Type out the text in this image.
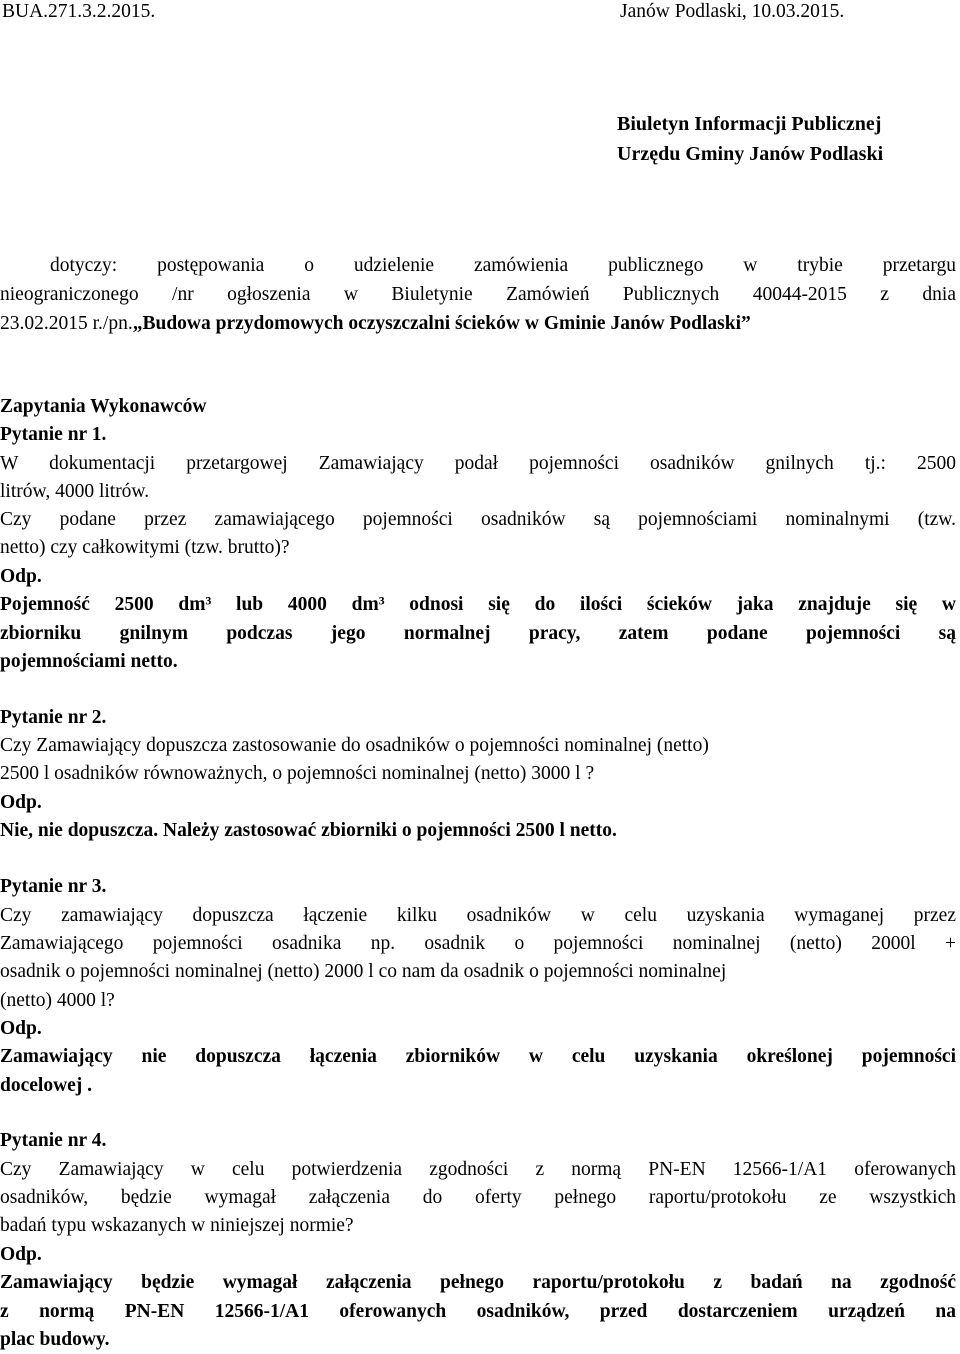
BUA.271.3.2.2015.	Janów Podlaski, 10.03.2015.
Biuletyn Informacji Publicznej
Urzędu Gminy Janów Podlaski
dotyczy: postępowania o udzielenie zamówienia publicznego w trybie przetargu
nieograniczonego /nr ogłoszenia w Biuletynie Zamówień Publicznych 40044-2015 z dnia
23.02.2015 r./pn.„Budowa przydomowych oczyszczalni ścieków w Gminie Janów Podlaski”
Zapytania Wykonawców
Pytanie nr 1.
W dokumentacji przetargowej Zamawiający podał pojemności osadników gnilnych tj.: 2500
litrów, 4000 litrów.
Czy podane przez zamawiającego pojemności osadników są pojemnościami nominalnymi (tzw.
netto) czy całkowitymi (tzw. brutto)?
Odp.
Pojemność 2500 dm³ lub 4000 dm³ odnosi się do ilości ścieków jaka znajduje się w
zbiorniku gnilnym podczas jego normalnej pracy, zatem podane pojemności są
pojemnościami netto.
Pytanie nr 2.
Czy Zamawiający dopuszcza zastosowanie do osadników o pojemności nominalnej (netto)
2500 l osadników równoważnych, o pojemności nominalnej (netto) 3000 l ?
Odp.
Nie, nie dopuszcza. Należy zastosować zbiorniki o pojemności 2500 l netto.
Pytanie nr 3.
Czy zamawiający dopuszcza łączenie kilku osadników w celu uzyskania wymaganej przez
Zamawiającego pojemności osadnika np. osadnik o pojemności nominalnej (netto) 2000l +
osadnik o pojemności nominalnej (netto) 2000 l co nam da osadnik o pojemności nominalnej
(netto) 4000 l?
Odp.
Zamawiający nie dopuszcza łączenia zbiorników w celu uzyskania określonej pojemności
docelowej .
Pytanie nr 4.
Czy Zamawiający w celu potwierdzenia zgodności z normą PN-EN 12566-1/A1 oferowanych
osadników, będzie wymagał załączenia do oferty pełnego raportu/protokołu ze wszystkich
badań typu wskazanych w niniejszej normie?
Odp.
Zamawiający będzie wymagał załączenia pełnego raportu/protokołu z badań na zgodność
z normą PN-EN 12566-1/A1 oferowanych osadników, przed dostarczeniem urządzeń na
plac budowy.
